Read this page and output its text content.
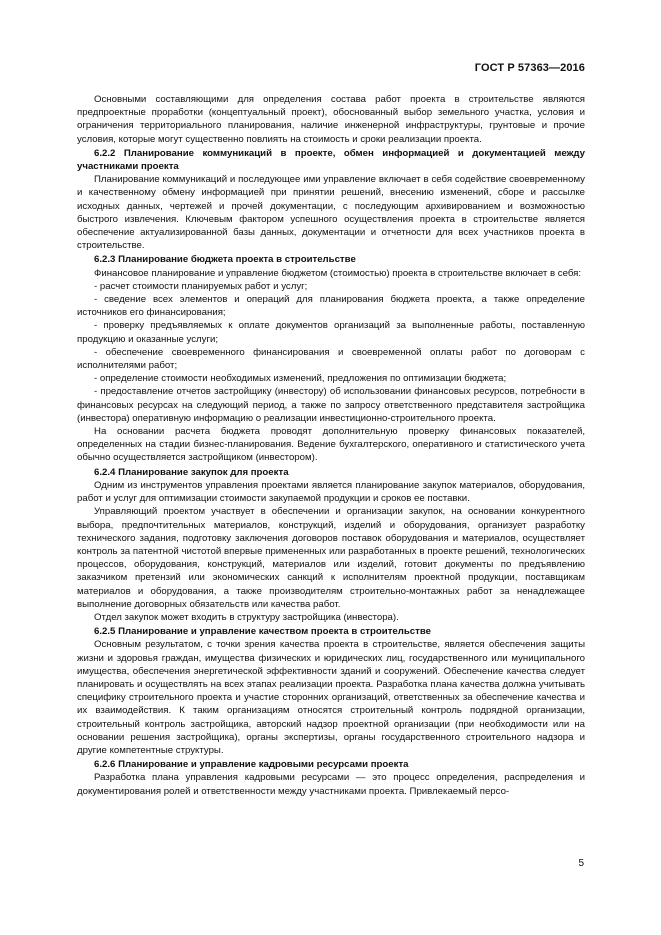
ГОСТ Р 57363—2016
Основными составляющими для определения состава работ проекта в строительстве являются предпроектные проработки (концептуальный проект), обоснованный выбор земельного участка, условия и ограничения территориального планирования, наличие инженерной инфраструктуры, грунтовые и прочие условия, которые могут существенно повлиять на стоимость и сроки реализации проекта.
6.2.2 Планирование коммуникаций в проекте, обмен информацией и документацией между участниками проекта
Планирование коммуникаций и последующее ими управление включает в себя содействие своевременному и качественному обмену информацией при принятии решений, внесению изменений, сборе и рассылке исходных данных, чертежей и прочей документации, с последующим архивированием и возможностью быстрого извлечения. Ключевым фактором успешного осуществления проекта в строительстве является обеспечение актуализированной базы данных, документации и отчетности для всех участников проекта в строительстве.
6.2.3 Планирование бюджета проекта в строительстве
Финансовое планирование и управление бюджетом (стоимостью) проекта в строительстве включает в себя:
- расчет стоимости планируемых работ и услуг;
- сведение всех элементов и операций для планирования бюджета проекта, а также определение источников его финансирования;
- проверку предъявляемых к оплате документов организаций за выполненные работы, поставленную продукцию и оказанные услуги;
- обеспечение своевременного финансирования и своевременной оплаты работ по договорам с исполнителями работ;
- определение стоимости необходимых изменений, предложения по оптимизации бюджета;
- предоставление отчетов застройщику (инвестору) об использовании финансовых ресурсов, потребности в финансовых ресурсах на следующий период, а также по запросу ответственного представителя застройщика (инвестора) оперативную информацию о реализации инвестиционно-строительного проекта.
На основании расчета бюджета проводят дополнительную проверку финансовых показателей, определенных на стадии бизнес-планирования. Ведение бухгалтерского, оперативного и статистического учета обычно осуществляется застройщиком (инвестором).
6.2.4 Планирование закупок для проекта
Одним из инструментов управления проектами является планирование закупок материалов, оборудования, работ и услуг для оптимизации стоимости закупаемой продукции и сроков ее поставки.
Управляющий проектом участвует в обеспечении и организации закупок, на основании конкурентного выбора, предпочтительных материалов, конструкций, изделий и оборудования, организует разработку технического задания, подготовку заключения договоров поставок оборудования и материалов, осуществляет контроль за патентной чистотой впервые примененных или разработанных в проекте решений, технологических процессов, оборудования, конструкций, материалов или изделий, готовит документы по предъявлению заказчиком претензий или экономических санкций к исполнителям проектной продукции, поставщикам материалов и оборудования, а также производителям строительно-монтажных работ за ненадлежащее выполнение договорных обязательств или качества работ.
Отдел закупок может входить в структуру застройщика (инвестора).
6.2.5 Планирование и управление качеством проекта в строительстве
Основным результатом, с точки зрения качества проекта в строительстве, является обеспечения защиты жизни и здоровья граждан, имущества физических и юридических лиц, государственного или муниципального имущества, обеспечения энергетической эффективности зданий и сооружений. Обеспечение качества следует планировать и осуществлять на всех этапах реализации проекта. Разработка плана качества должна учитывать специфику строительного проекта и участие сторонних организаций, ответственных за обеспечение качества и их взаимодействия. К таким организациям относятся строительный контроль подрядной организации, строительный контроль застройщика, авторский надзор проектной организации (при необходимости или на основании решения застройщика), органы экспертизы, органы государственного строительного надзора и другие компетентные структуры.
6.2.6 Планирование и управление кадровыми ресурсами проекта
Разработка плана управления кадровыми ресурсами — это процесс определения, распределения и документирования ролей и ответственности между участниками проекта. Привлекаемый персо-
5
